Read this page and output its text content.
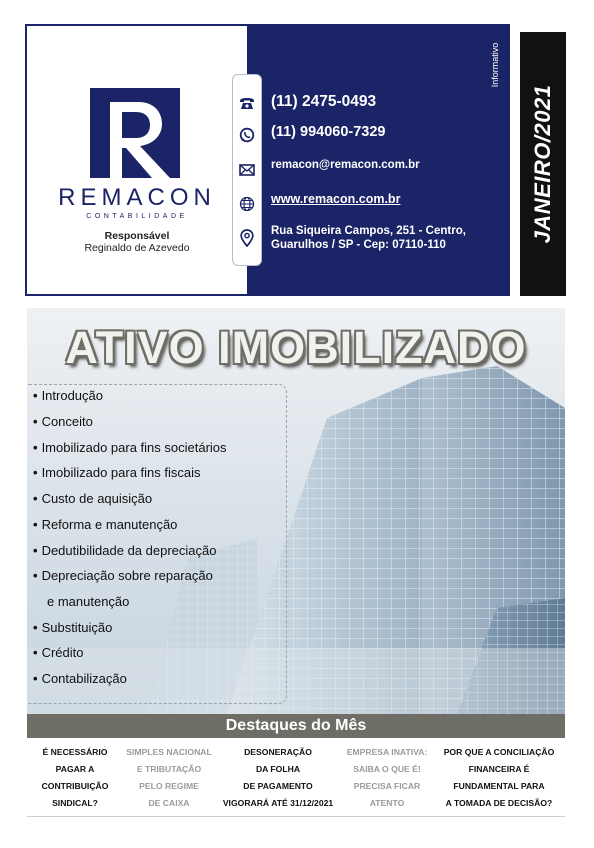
REMACON
CONTABILIDADE
Responsável
Reginaldo de Azevedo
(11) 2475-0493
(11) 994060-7329
remacon@remacon.com.br
www.remacon.com.br
Rua Siqueira Campos, 251 - Centro,
Guarulhos / SP - Cep: 07110-110
Informativo
JANEIRO/2021
ATIVO IMOBILIZADO
• Introdução
• Conceito
• Imobilizado para fins societários
• Imobilizado para fins fiscais
• Custo de aquisição
• Reforma e manutenção
• Dedutibilidade da depreciação
• Depreciação sobre reparação
e manutenção
• Substituição
• Crédito
• Contabilização
Destaques do Mês
É NECESSÁRIO
PAGAR A
CONTRIBUIÇÃO
SINDICAL?
SIMPLES NACIONAL
E TRIBUTAÇÃO
PELO REGIME
DE CAIXA
DESONERAÇÃO
DA FOLHA
DE PAGAMENTO
VIGORARÁ ATÉ 31/12/2021
EMPRESA INATIVA:
SAIBA O QUE É!
PRECISA FICAR
ATENTO
POR QUE A CONCILIAÇÃO
FINANCEIRA É
FUNDAMENTAL PARA
A TOMADA DE DECISÃO?
